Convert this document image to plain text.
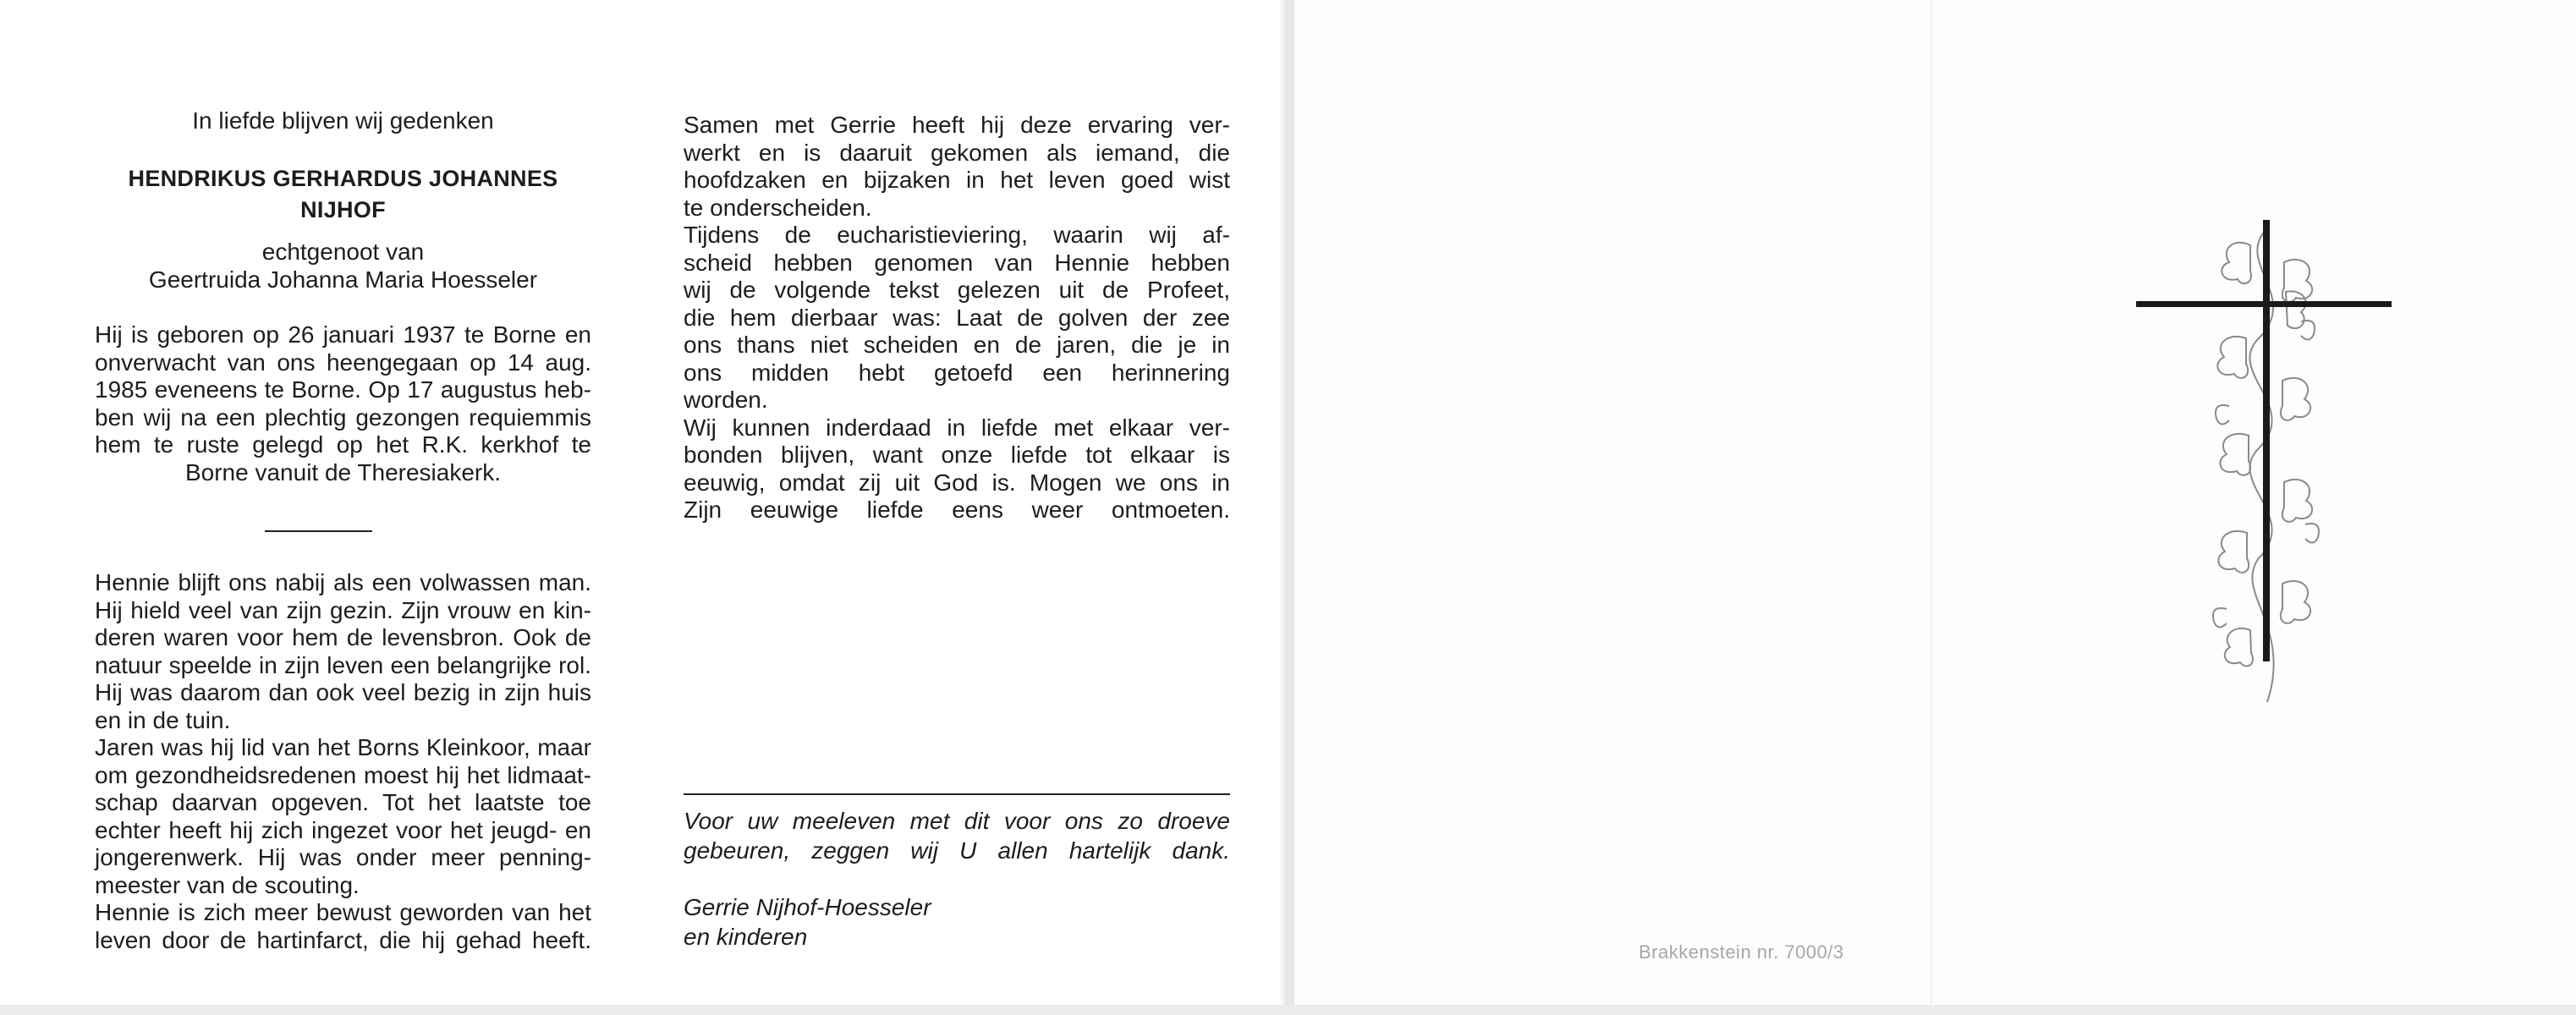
In liefde blijven wij gedenken

HENDRIKUS GERHARDUS JOHANNES
NIJHOF
echtgenoot van
Geertruida Johanna Maria Hoesseler
Hij is geboren op 26 januari 1937 te Borne en
onverwacht van ons heengegaan op 14 aug.
1985 eveneens te Borne. Op 17 augustus heb-
ben wij na een plechtig gezongen requiemmis
hem te ruste gelegd op het R.K. kerkhof te
Borne vanuit de Theresiakerk.
Hennie blijft ons nabij als een volwassen man.
Hij hield veel van zijn gezin. Zijn vrouw en kin-
deren waren voor hem de levensbron. Ook de
natuur speelde in zijn leven een belangrijke rol.
Hij was daarom dan ook veel bezig in zijn huis
en in de tuin.
Jaren was hij lid van het Borns Kleinkoor, maar
om gezondheidsredenen moest hij het lidmaat-
schap daarvan opgeven. Tot het laatste toe
echter heeft hij zich ingezet voor het jeugd- en
jongerenwerk. Hij was onder meer penning-
meester van de scouting.
Hennie is zich meer bewust geworden van het
leven door de hartinfarct, die hij gehad heeft.
Samen met Gerrie heeft hij deze ervaring ver-
werkt en is daaruit gekomen als iemand, die
hoofdzaken en bijzaken in het leven goed wist
te onderscheiden.
Tijdens de eucharistieviering, waarin wij af-
scheid hebben genomen van Hennie hebben
wij de volgende tekst gelezen uit de Profeet,
die hem dierbaar was: Laat de golven der zee
ons thans niet scheiden en de jaren, die je in
ons midden hebt getoefd een herinnering
worden.
Wij kunnen inderdaad in liefde met elkaar ver-
bonden blijven, want onze liefde tot elkaar is
eeuwig, omdat zij uit God is. Mogen we ons in
Zijn eeuwige liefde eens weer ontmoeten.
Voor uw meeleven met dit voor ons zo droeve
gebeuren, zeggen wij U allen hartelijk dank.
Gerrie Nijhof-Hoesseler
en kinderen
Brakkenstein nr. 7000/3
